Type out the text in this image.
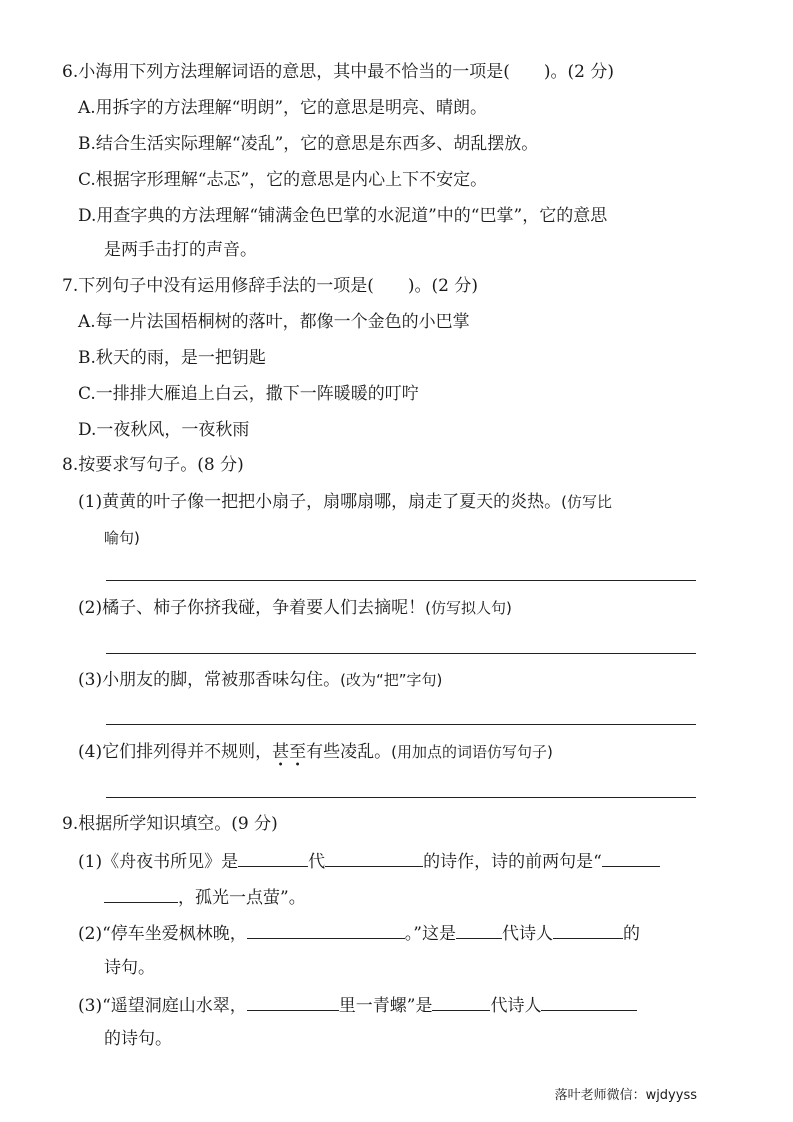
6.小海用下列方法理解词语的意思，其中最不恰当的一项是(　　)。(2 分)
A.用拆字的方法理解“明朗”，它的意思是明亮、晴朗。
B.结合生活实际理解“凌乱”，它的意思是东西多、胡乱摆放。
C.根据字形理解“忐忑”，它的意思是内心上下不安定。
D.用查字典的方法理解“铺满金色巴掌的水泥道”中的“巴掌”，它的意思
是两手击打的声音。
7.下列句子中没有运用修辞手法的一项是(　　)。(2 分)
A.每一片法国梧桐树的落叶，都像一个金色的小巴掌
B.秋天的雨，是一把钥匙
C.一排排大雁追上白云，撒下一阵暖暖的叮咛
D.一夜秋风，一夜秋雨
8.按要求写句子。(8 分)
(1)黄黄的叶子像一把把小扇子，扇哪扇哪，扇走了夏天的炎热。(仿写比
喻句)
(2)橘子、柿子你挤我碰，争着要人们去摘呢！(仿写拟人句)
(3)小朋友的脚，常被那香味勾住。(改为“把”字句)
(4)它们排列得并不规则，甚至有些凌乱。(用加点的词语仿写句子)
9.根据所学知识填空。(9 分)
(1)《舟夜书所见》是	代	的诗作，诗的前两句是“
，孤光一点萤”。
(2)“停车坐爱枫林晚，	。”这是	代诗人	的
诗句。
(3)“遥望洞庭山水翠，	里一青螺”是	代诗人
的诗句。
落叶老师微信：wjdyyss
